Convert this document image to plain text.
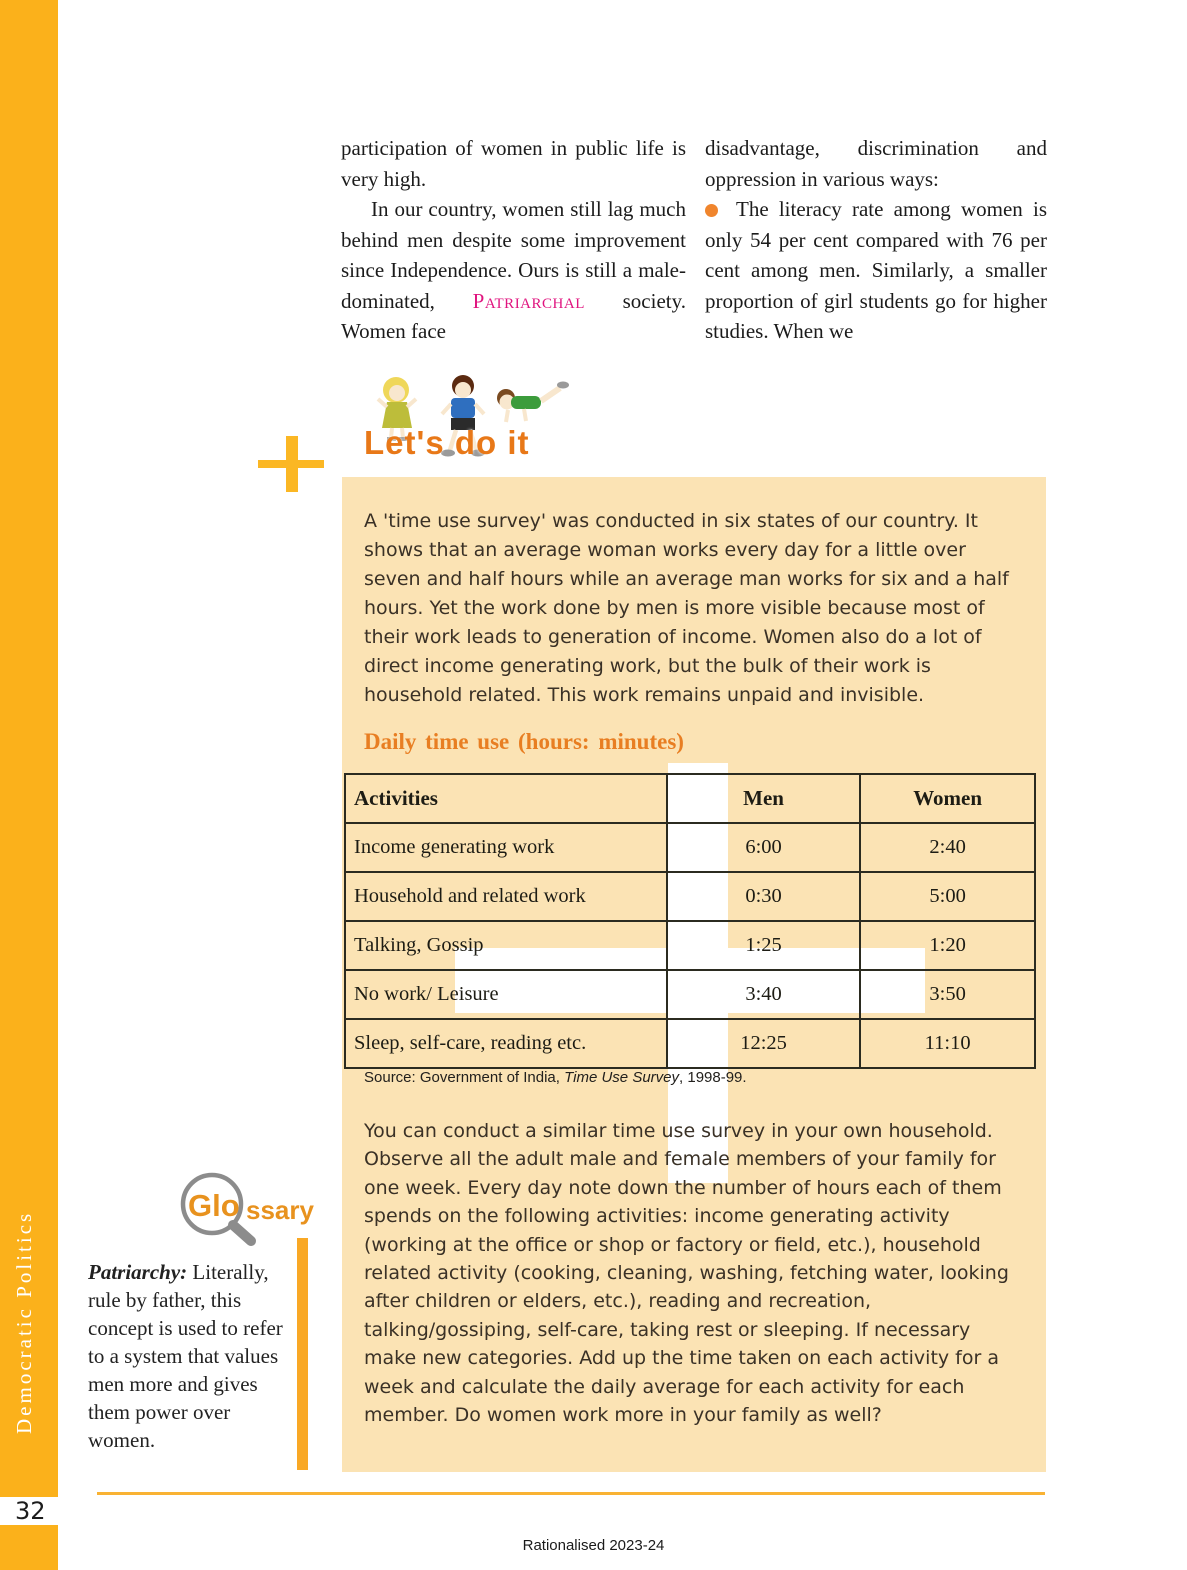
Democratic Politics
32

participation of women in public life is very high.

In our country, women still lag much behind men despite some improvement since Independence. Ours is still a male-dominated, Patriarchal society. Women face

disadvantage, discrimination and oppression in various ways:

The literacy rate among women is only 54 per cent compared with 76 per cent among men. Similarly, a smaller proportion of girl students go for higher studies. When we
Let's do it

A 'time use survey' was conducted in six states of our country. It shows that an average woman works every day for a little over seven and half hours while an average man works for six and a half hours. Yet the work done by men is more visible because most of their work leads to generation of income. Women also do a lot of direct income generating work, but the bulk of their work is household related. This work remains unpaid and invisible.

Daily time use (hours: minutes)
Activities	Men	Women
Income generating work	6:00	2:40
Household and related work	0:30	5:00
Talking, Gossip	1:25	1:20
No work/ Leisure	3:40	3:50
Sleep, self-care, reading etc.	12:25	11:10

Source: Government of India, Time Use Survey, 1998-99.

You can conduct a similar time use survey in your own household. Observe all the adult male and female members of your family for one week. Every day note down the number of hours each of them spends on the following activities: income generating activity (working at the office or shop or factory or field, etc.), household related activity (cooking, cleaning, washing, fetching water, looking after children or elders, etc.), reading and recreation, talking/gossiping, self-care, taking rest or sleeping. If necessary make new categories. Add up the time taken on each activity for a week and calculate the daily average for each activity for each member. Do women work more in your family as well?

Glo ssary

Patriarchy: Literally, rule by father, this concept is used to refer to a system that values men more and gives them power over women.

Rationalised 2023-24
